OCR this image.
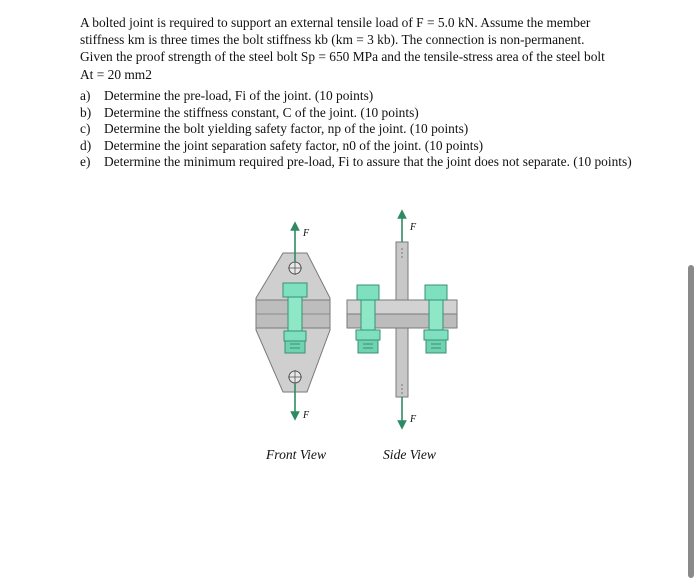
A bolted joint is required to support an external tensile load of F = 5.0 kN. Assume the member
stiffness km is three times the bolt stiffness kb (km = 3 kb). The connection is non-permanent.
Given the proof strength of the steel bolt Sp = 650 MPa and the tensile-stress area of the steel bolt
At = 20 mm2
a) Determine the pre-load, Fi of the joint. (10 points)
b) Determine the stiffness constant, C of the joint. (10 points)
c) Determine the bolt yielding safety factor, np of the joint. (10 points)
d) Determine the joint separation safety factor, n0 of the joint. (10 points)
e) Determine the minimum required pre-load, Fi to assure that the joint does not separate. (10 points)
F
F
F
F
Front View	Side View
